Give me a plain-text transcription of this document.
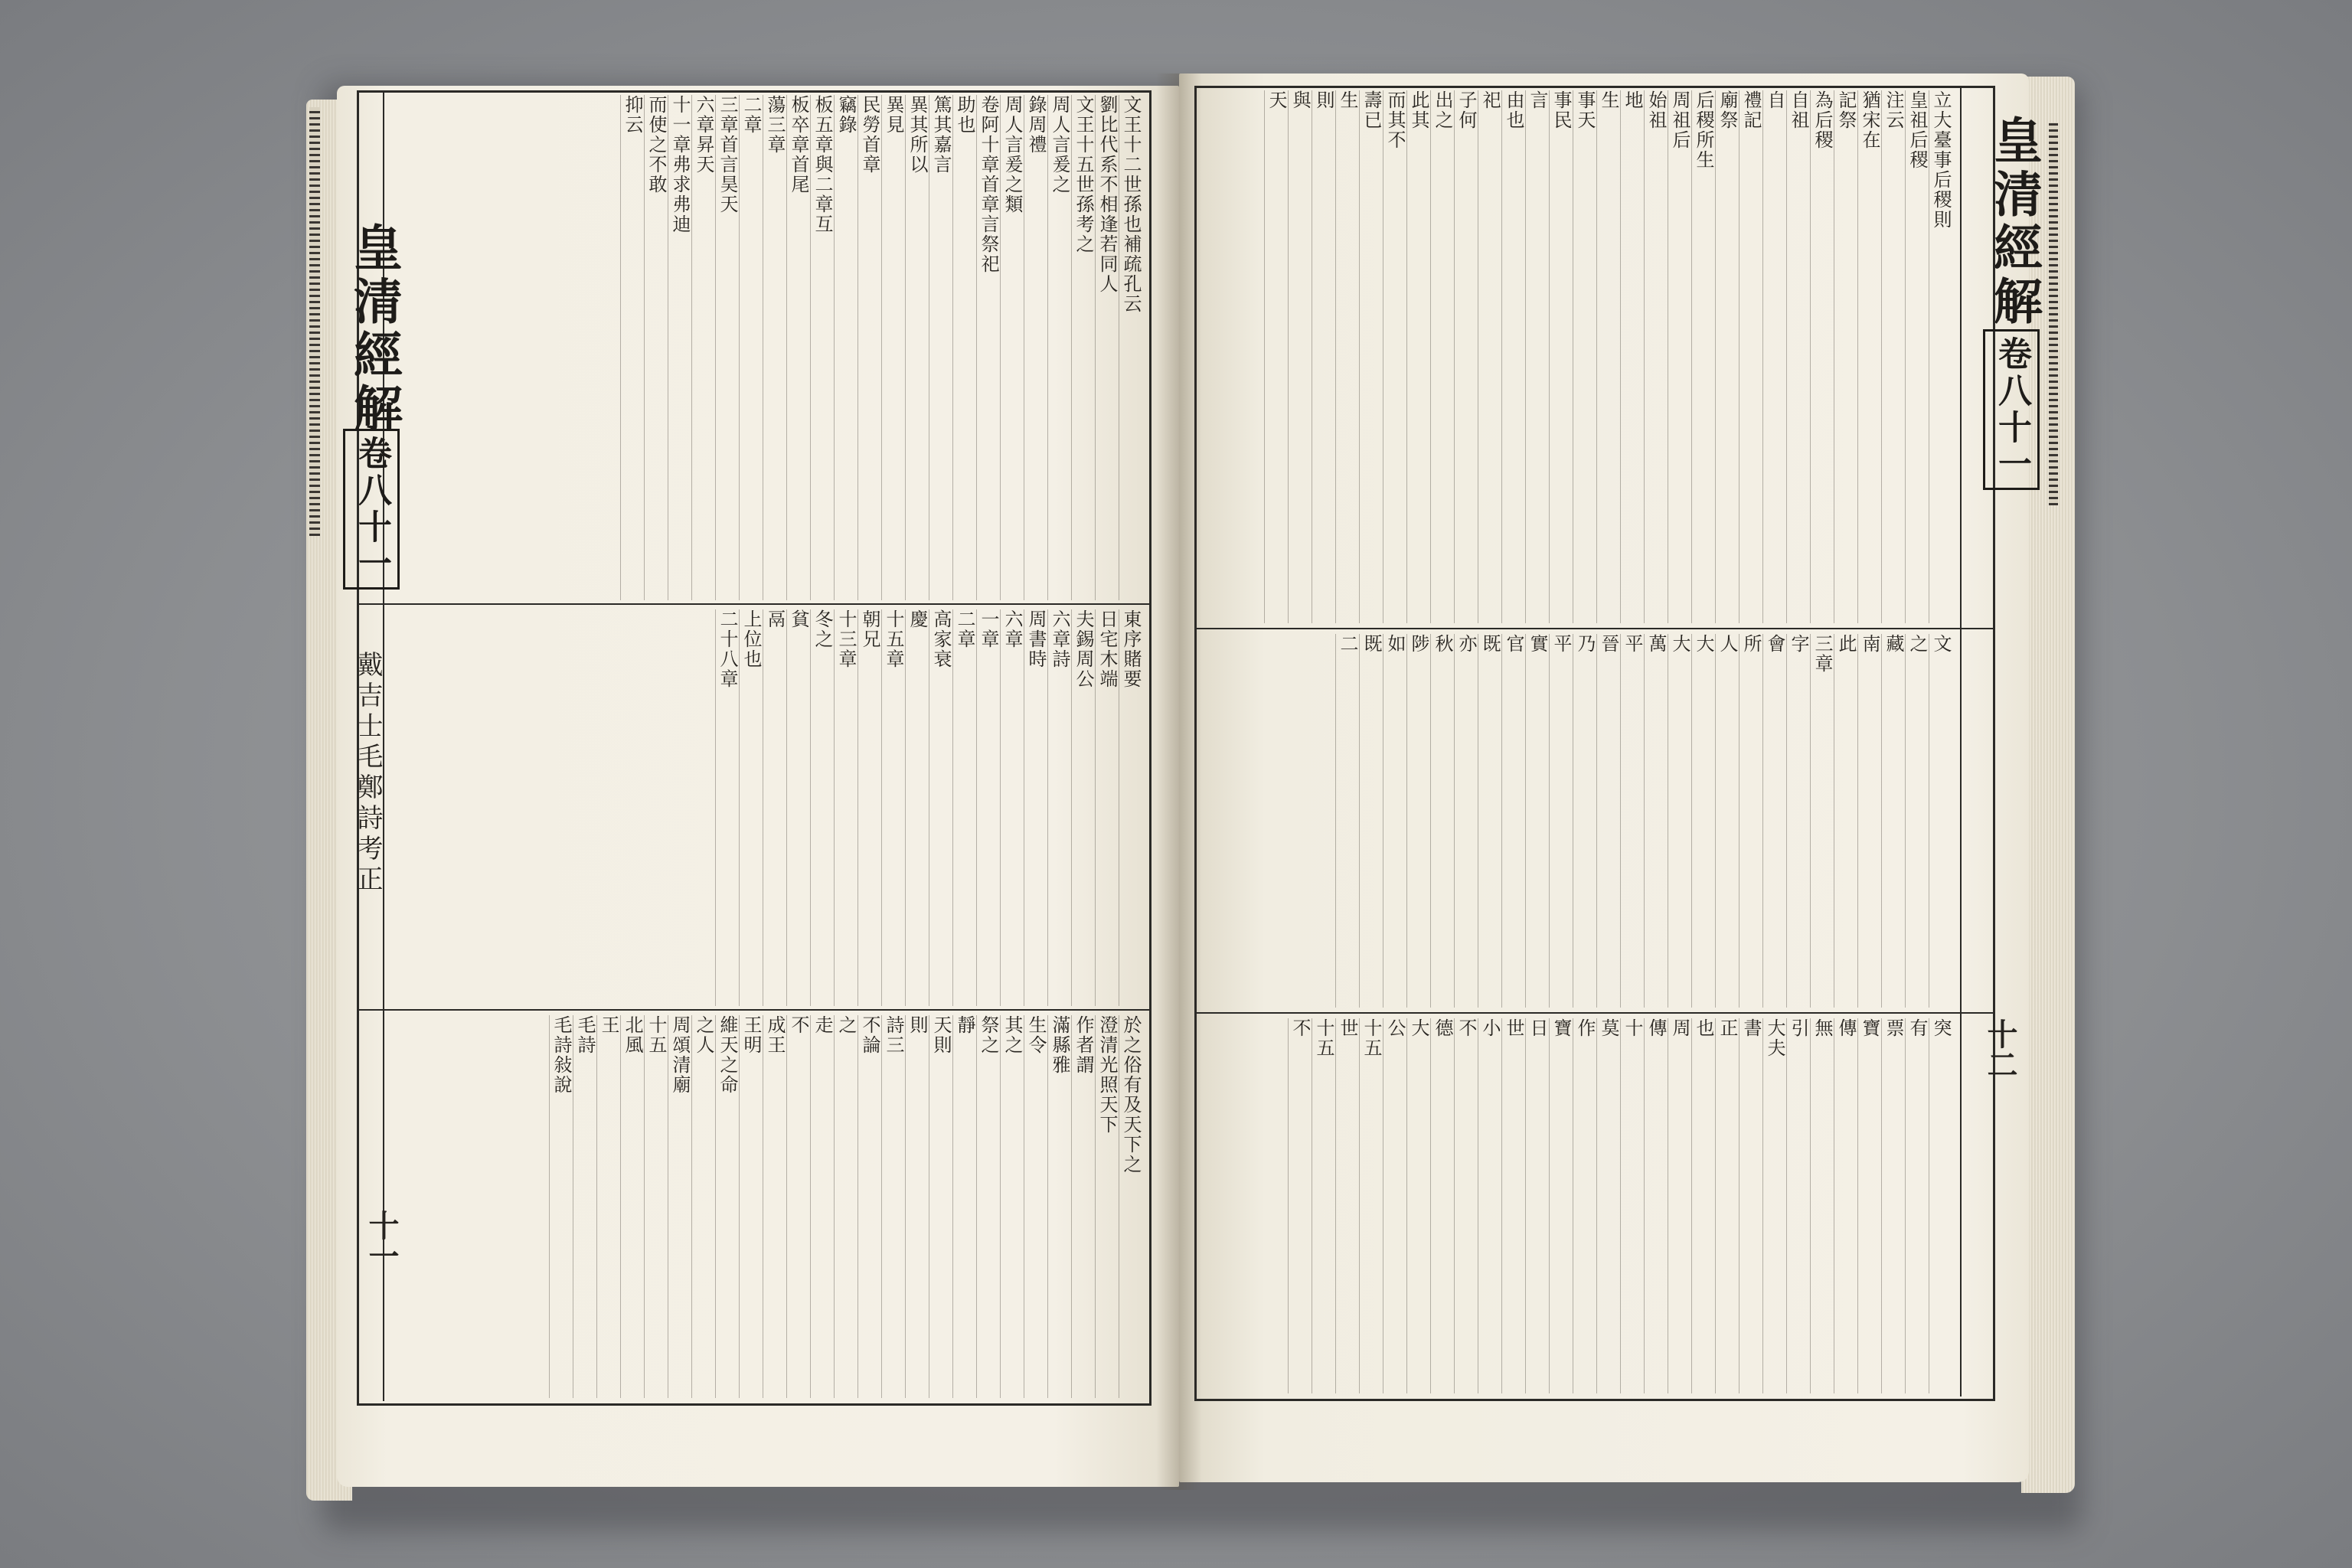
皇清經解
卷八十一
戴吉士毛鄭詩考正
十一
文王十二世孫也補疏孔云
劉比代系不相逢若同人
文王十五世孫考之
周人言爰之
錄周禮
周人言爰之類
卷阿十章首章言祭祀
助也
篤其嘉言
異其所以
異見
民勞首章
竊錄
板五章與二章互
板卒章首尾
蕩三章
二章
三章首言昊天
六章昇天
十一章弗求弗迪
而使之不敢
抑云
東序賭要
日宅木端
夫錫周公
六章詩
周書時
六章
一章
二章
高家衰
慶
十五章
朝兄
十三章
冬之
貧
鬲
上位也
二十八章
於之俗有及天下之
澄清光照天下
作者謂
滿縣雅
生令
其之
祭之
靜
天則
則
詩三
不論
之
走
不
成王
王明
維天之命
之人
周頌清廟
十五
北風
王
毛詩
毛詩敍說
皇清經解
卷八十一
十二
立大臺事后稷則
皇祖后稷
注云
猶宋在
記祭
為后稷
自祖
自
禮記
廟祭
后稷所生
周祖后
始祖
地
生
事天
事民
言
由也
祀
子何
出之
此其
而其不
壽已
生
則
與
天
文
之
藏
南
此
三章
字
會
所
人
大
大
萬
平
晉
乃
平
實
官
既
亦
秋
陟
如
既
二
突
有
票
寶
傳
無
引
大夫
書
正
也
周
傳
十
莫
作
寶
日
世
小
不
德
大
公
十五
世
十五
不
